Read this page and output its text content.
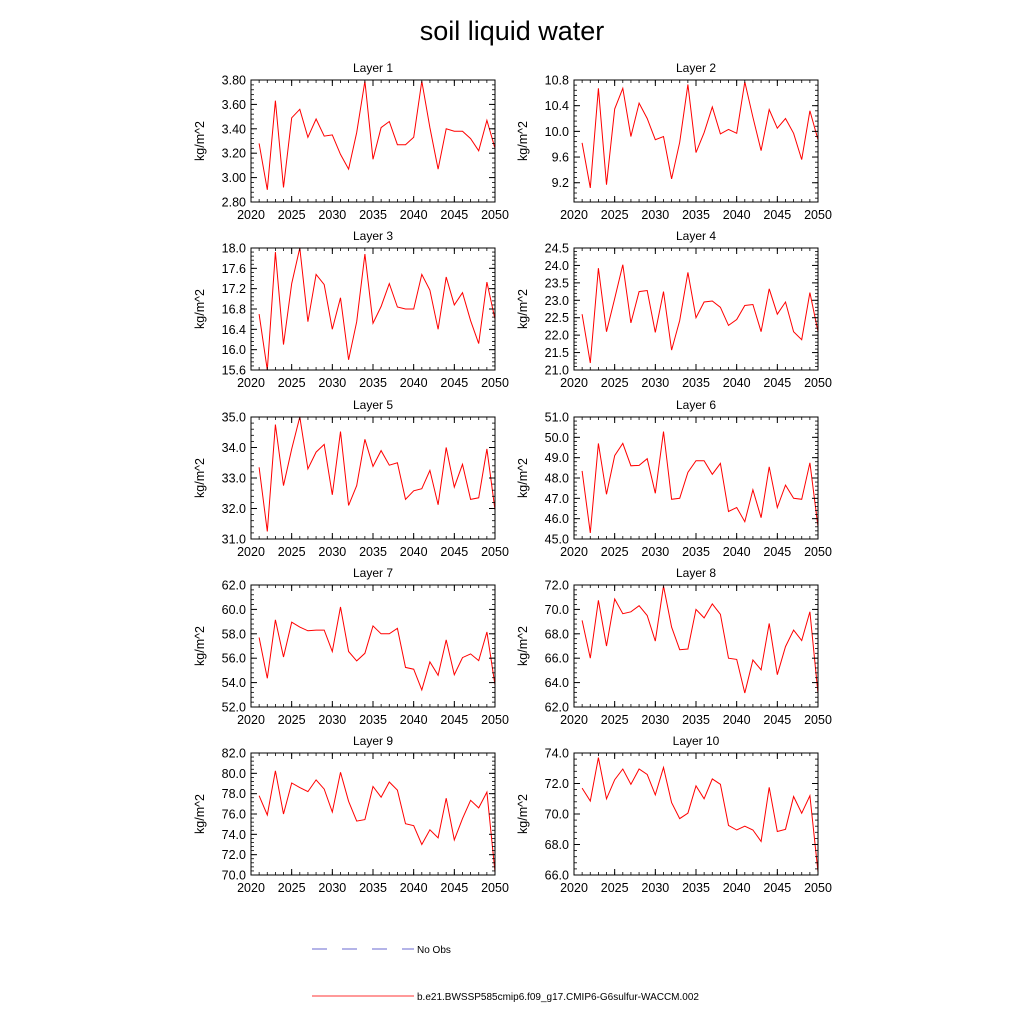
soil liquid water
Layer 1
2020 2025 2030 2035 2040 2045 2050
2.80
3.00
3.20
3.40
3.60
3.80
kg/m^2
Layer 2
2020 2025 2030 2035 2040 2045 2050
9.2
9.6
10.0
10.4
10.8
kg/m^2
Layer 3
2020 2025 2030 2035 2040 2045 2050
15.6
16.0
16.4
16.8
17.2
17.6
18.0
kg/m^2
Layer 4
2020 2025 2030 2035 2040 2045 2050
21.0
21.5
22.0
22.5
23.0
23.5
24.0
24.5
kg/m^2
Layer 5
2020 2025 2030 2035 2040 2045 2050
31.0
32.0
33.0
34.0
35.0
kg/m^2
Layer 6
2020 2025 2030 2035 2040 2045 2050
45.0
46.0
47.0
48.0
49.0
50.0
51.0
kg/m^2
Layer 7
2020 2025 2030 2035 2040 2045 2050
52.0
54.0
56.0
58.0
60.0
62.0
kg/m^2
Layer 8
2020 2025 2030 2035 2040 2045 2050
62.0
64.0
66.0
68.0
70.0
72.0
kg/m^2
Layer 9
2020 2025 2030 2035 2040 2045 2050
70.0
72.0
74.0
76.0
78.0
80.0
82.0
kg/m^2
Layer 10
2020 2025 2030 2035 2040 2045 2050
66.0
68.0
70.0
72.0
74.0
kg/m^2
No Obs
b.e21.BWSSP585cmip6.f09_g17.CMIP6-G6sulfur-WACCM.002
